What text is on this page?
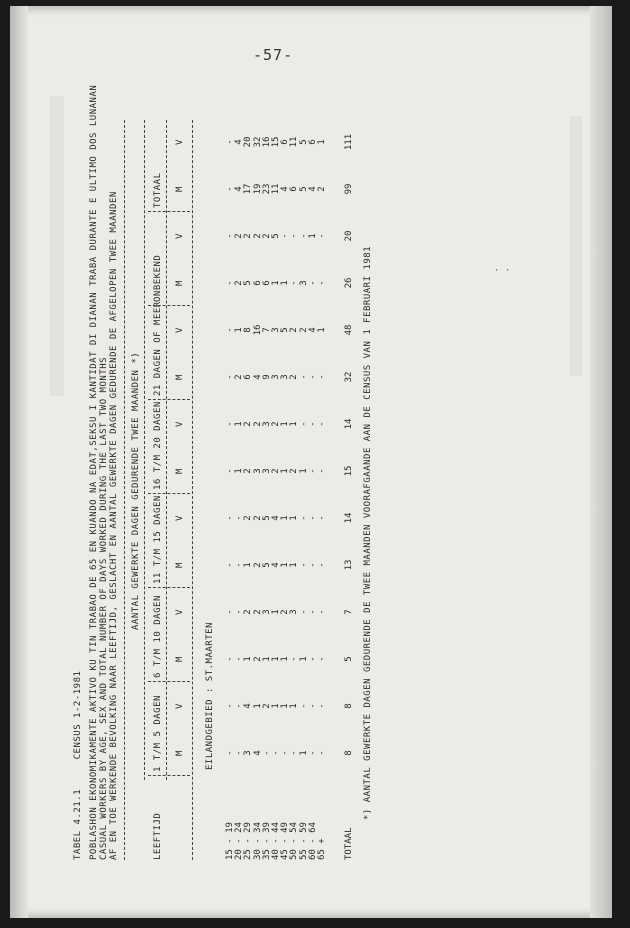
-57-
TABEL 4.21.1     CENSUS 1-2-1981 POBLASHON EKONOMIKAMENTE AKTIVO KU TIN TRABAO DE 65 EN KUANDO NA EDAT,SEKSU I KANTIDAT DI DIANAN TRABA DURANTE E ULTIMO DOS LUNANAN CASUAL WORKERS BY AGE, SEX AND TOTAL NUMBER OF DAYS WORKED DURING THE LAST TWO MONTHS AF EN TOE WERKENDE BEVOLKING NAAR LEEFTIJD, GESLACHT EN AANTAL GEWERKTE DAGEN GEDURENDE DE AFGELOPEN TWEE MAANDEN AANTAL GEWERKTE DAGEN GEDURENDE TWEE MAANDEN *)
LEEFTIJD
1 T/M 5 DAGEN
6 T/M 10 DAGEN
11 T/M 15 DAGEN
16 T/M 20 DAGEN
21 DAGEN OF MEER
ONBEKEND
TOTAAL
M
V
M
V
M
V
M
V
M
V
M
V
M
V
EILANDGEBIED : ST.MAARTEN
15 - 19
-
-
-
-
-
-
-
-
-
-
-
-
-
-
20 - 24
-
-
-
-
-
-
1
1
2
1
2
2
4
4
25 - 29
3
4
1
2
1
2
2
2
6
8
5
2
17
20
30 - 34
4
1
2
2
2
2
3
2
4
16
6
2
19
32
35 - 39
-
2
1
3
5
5
3
3
9
7
6
2
23
16
40 - 44
-
1
1
1
4
4
2
2
3
3
1
5
11
15
45 - 49
-
1
1
2
1
1
1
1
3
5
1
-
4
6
50 - 54
-
1
-
3
1
1
2
1
2
2
-
-
6
11
55 - 59
1
-
1
-
-
-
1
-
-
2
3
-
5
5
60 - 64
-
-
-
-
-
-
-
-
-
4
-
1
4
6
65 +
-
-
-
-
-
-
-
-
-
1
-
-
2
1
TOTAAL
8
8
5
7
13
14
15
14
32
48
26
20
99
111
*) AANTAL GEWERKTE DAGEN GEDURENDE DE TWEE MAANDEN VOORAFGAANDE AAN DE CENSUS VAN 1 FEBRUARI 1981	· ·
